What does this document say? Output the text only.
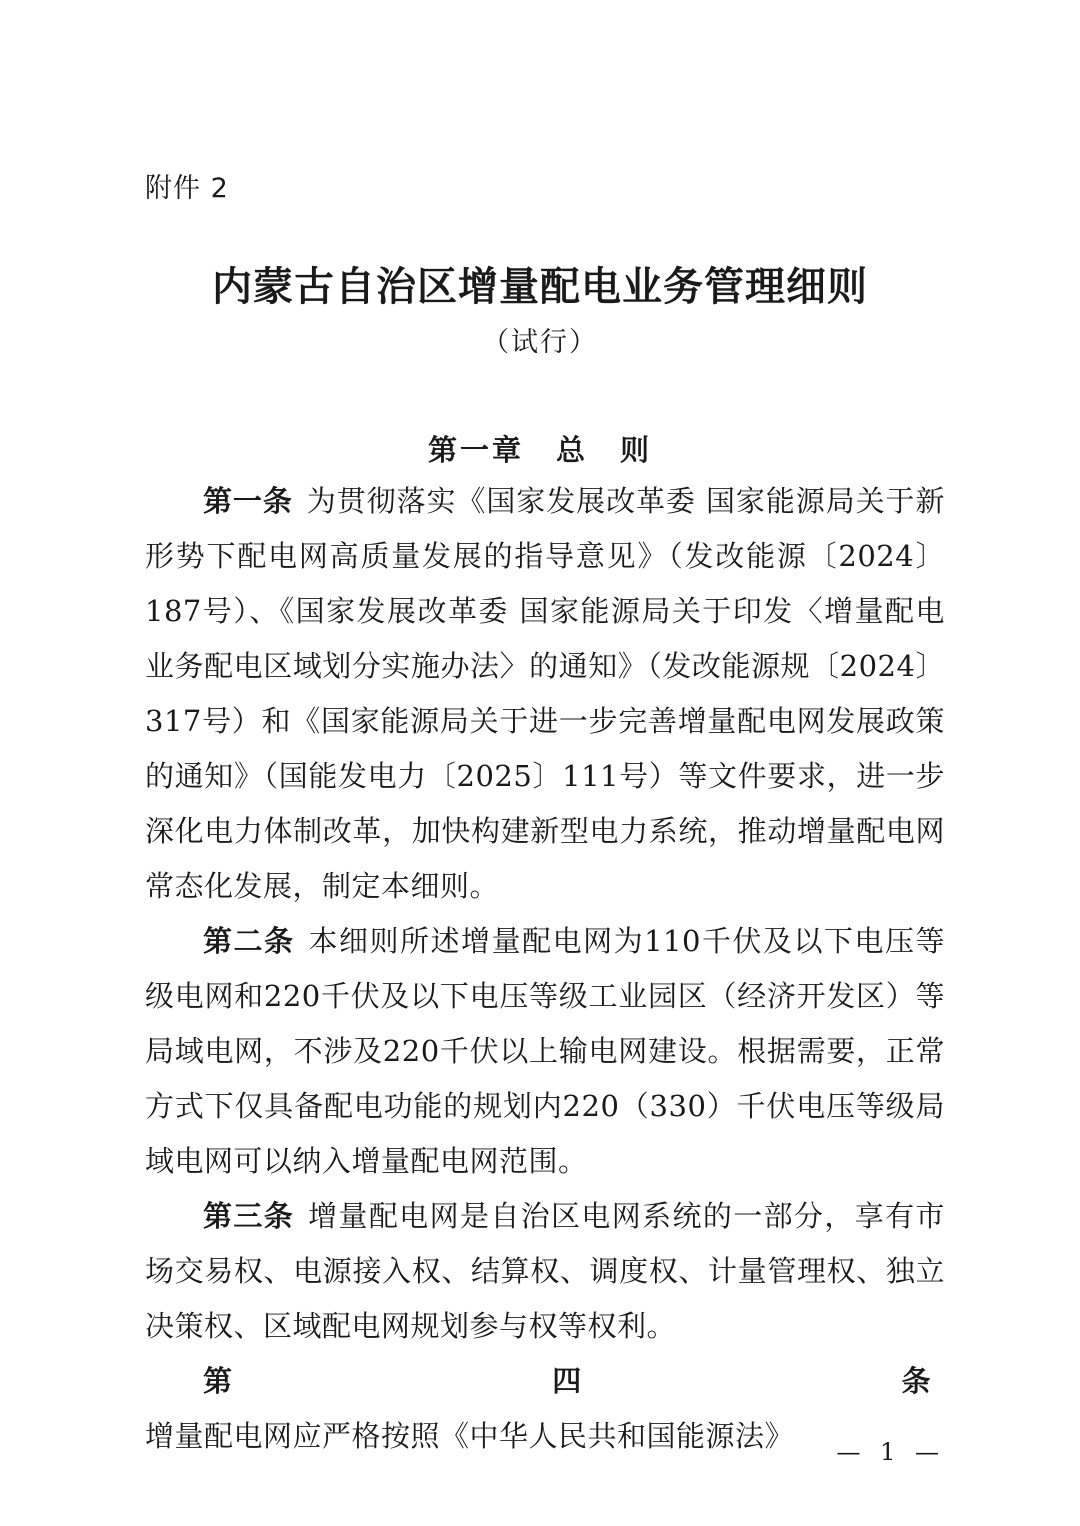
附件 2
内蒙古自治区增量配电业务管理细则
（试行）
第一章　总　则

第一条 为贯彻落实《国家发展改革委 国家能源局关于新形势下配电网高质量发展的指导意见》（发改能源〔2024〕187号）、《国家发展改革委 国家能源局关于印发〈增量配电业务配电区域划分实施办法〉的通知》（发改能源规〔2024〕317号）和《国家能源局关于进一步完善增量配电网发展政策的通知》（国能发电力〔2025〕111号）等文件要求，进一步深化电力体制改革，加快构建新型电力系统，推动增量配电网常态化发展，制定本细则。

第二条 本细则所述增量配电网为110千伏及以下电压等级电网和220千伏及以下电压等级工业园区（经济开发区）等局域电网，不涉及220千伏以上输电网建设。根据需要，正常方式下仅具备配电功能的规划内220（330）千伏电压等级局域电网可以纳入增量配电网范围。

第三条 增量配电网是自治区电网系统的一部分，享有市场交易权、电源接入权、结算权、调度权、计量管理权、独立决策权、区域配电网规划参与权等权利。

第四条增量配电网应严格按照《中华人民共和国能源法》	— 1 —
